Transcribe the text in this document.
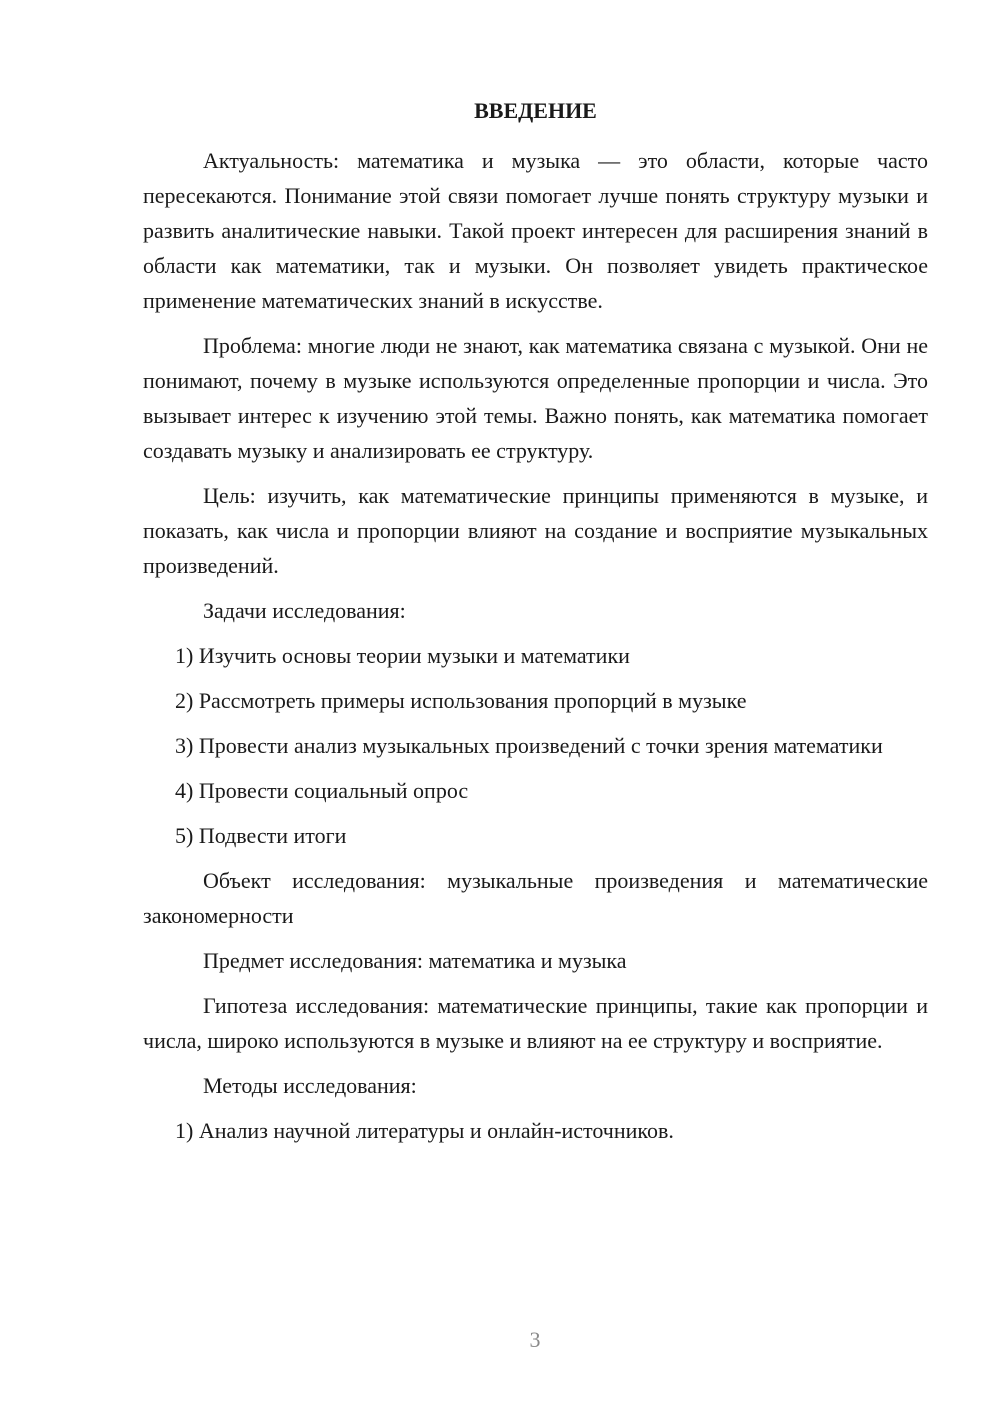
ВВЕДЕНИЕ

Актуальность: математика и музыка — это области, которые часто пересекаются. Понимание этой связи помогает лучше понять структуру музыки и развить аналитические навыки. Такой проект интересен для расширения знаний в области как математики, так и музыки. Он позволяет увидеть практическое применение математических знаний в искусстве.

Проблема: многие люди не знают, как математика связана с музыкой. Они не понимают, почему в музыке используются определенные пропорции и числа. Это вызывает интерес к изучению этой темы. Важно понять, как математика помогает создавать музыку и анализировать ее структуру.

Цель: изучить, как математические принципы применяются в музыке, и показать, как числа и пропорции влияют на создание и восприятие музыкальных произведений.

Задачи исследования:

1) Изучить основы теории музыки и математики

2) Рассмотреть примеры использования пропорций в музыке

3) Провести анализ музыкальных произведений с точки зрения математики

4) Провести социальный опрос

5) Подвести итоги

Объект исследования: музыкальные произведения и математические закономерности

Предмет исследования: математика и музыка

Гипотеза исследования: математические принципы, такие как пропорции и числа, широко используются в музыке и влияют на ее структуру и восприятие.

Методы исследования:

1) Анализ научной литературы и онлайн-источников.

3
